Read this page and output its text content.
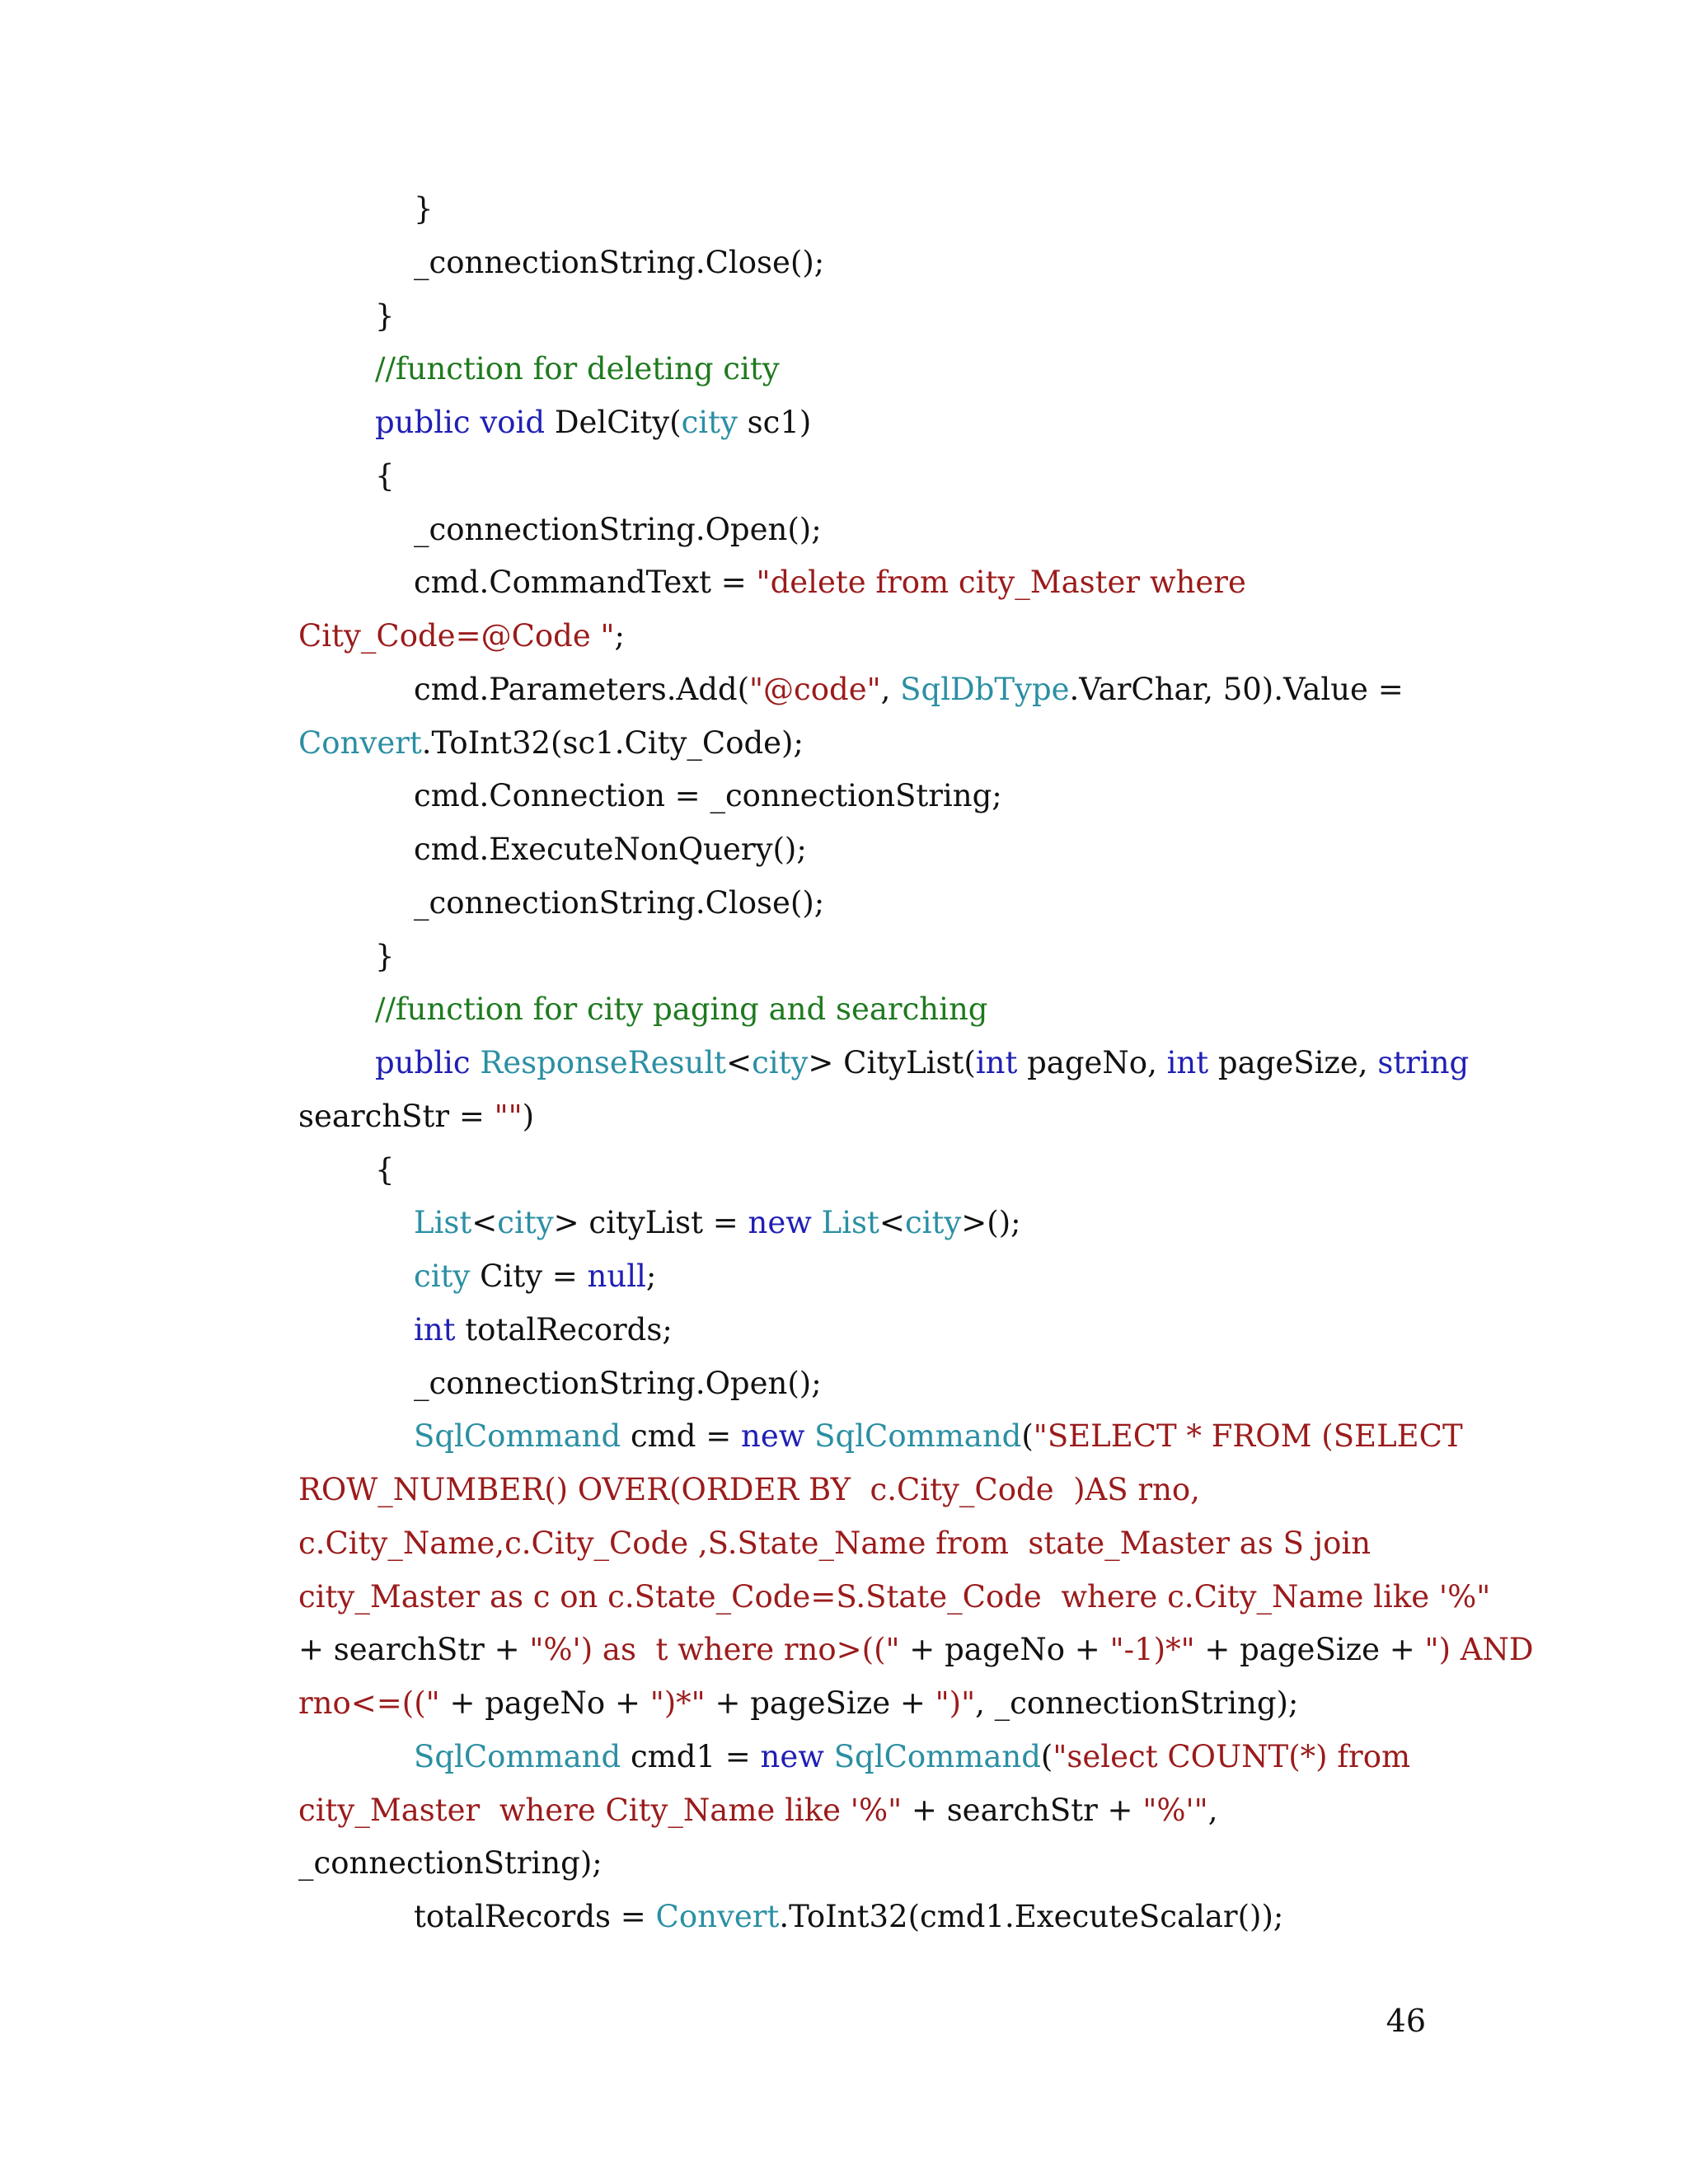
}
_connectionString.Close();
}
//function for deleting city
public void DelCity(city sc1)
{
_connectionString.Open();
cmd.CommandText = "delete from city_Master where
City_Code=@Code ";
cmd.Parameters.Add("@code", SqlDbType.VarChar, 50).Value =
Convert.ToInt32(sc1.City_Code);
cmd.Connection = _connectionString;
cmd.ExecuteNonQuery();
_connectionString.Close();
}
//function for city paging and searching
public ResponseResult<city> CityList(int pageNo, int pageSize, string
searchStr = "")
{
List<city> cityList = new List<city>();
city City = null;
int totalRecords;
_connectionString.Open();
SqlCommand cmd = new SqlCommand("SELECT * FROM (SELECT
ROW_NUMBER() OVER(ORDER BY  c.City_Code  )AS rno,
c.City_Name,c.City_Code ,S.State_Name from  state_Master as S join
city_Master as c on c.State_Code=S.State_Code  where c.City_Name like '%"
+ searchStr + "%') as  t where rno>((" + pageNo + "-1)*" + pageSize + ") AND
rno<=((" + pageNo + ")*" + pageSize + ")", _connectionString);
SqlCommand cmd1 = new SqlCommand("select COUNT(*) from
city_Master  where City_Name like '%" + searchStr + "%'",
_connectionString);
totalRecords = Convert.ToInt32(cmd1.ExecuteScalar());
46
